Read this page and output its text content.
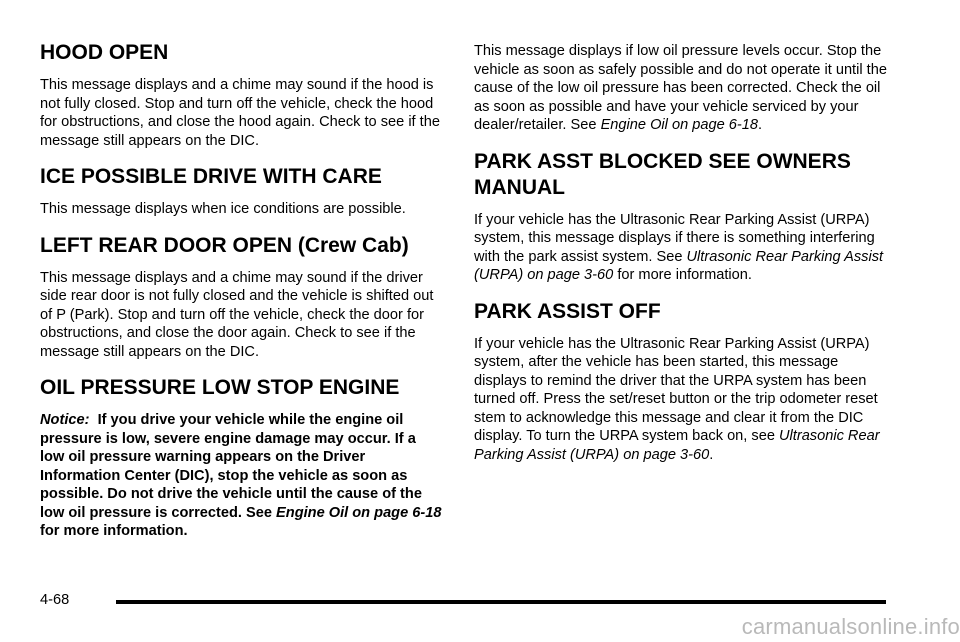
HOOD OPEN

This message displays and a chime may sound if the hood is not fully closed. Stop and turn off the vehicle, check the hood for obstructions, and close the hood again. Check to see if the message still appears on the DIC.

ICE POSSIBLE DRIVE WITH CARE

This message displays when ice conditions are possible.

LEFT REAR DOOR OPEN (Crew Cab)

This message displays and a chime may sound if the driver side rear door is not fully closed and the vehicle is shifted out of P (Park). Stop and turn off the vehicle, check the door for obstructions, and close the door again. Check to see if the message still appears on the DIC.

OIL PRESSURE LOW STOP ENGINE

Notice: If you drive your vehicle while the engine oil pressure is low, severe engine damage may occur. If a low oil pressure warning appears on the Driver Information Center (DIC), stop the vehicle as soon as possible. Do not drive the vehicle until the cause of the low oil pressure is corrected. See Engine Oil on page 6-18 for more information.

This message displays if low oil pressure levels occur. Stop the vehicle as soon as safely possible and do not operate it until the cause of the low oil pressure has been corrected. Check the oil as soon as possible and have your vehicle serviced by your dealer/retailer. See Engine Oil on page 6-18.

PARK ASST BLOCKED SEE OWNERS MANUAL

If your vehicle has the Ultrasonic Rear Parking Assist (URPA) system, this message displays if there is something interfering with the park assist system. See Ultrasonic Rear Parking Assist (URPA) on page 3-60 for more information.

PARK ASSIST OFF

If your vehicle has the Ultrasonic Rear Parking Assist (URPA) system, after the vehicle has been started, this message displays to remind the driver that the URPA system has been turned off. Press the set/reset button or the trip odometer reset stem to acknowledge this message and clear it from the DIC display. To turn the URPA system back on, see Ultrasonic Rear Parking Assist (URPA) on page 3-60.

4-68
carmanualsonline.info
